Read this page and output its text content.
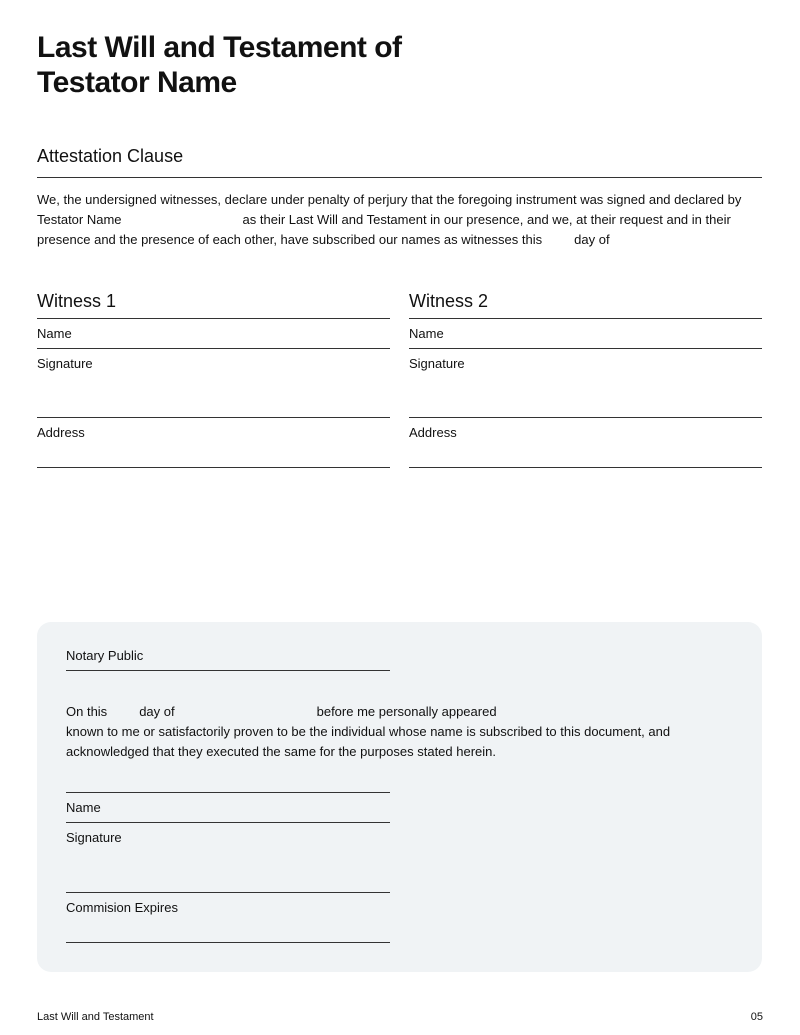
Last Will and Testament of
Testator Name
Attestation Clause
We, the undersigned witnesses, declare under penalty of perjury that the foregoing instrument was signed and declared by
Testator Name	as their Last Will and Testament in our presence, and we, at their request and in their
presence and the presence of each other, have subscribed our names as witnesses this day of
Witness 1
Name
Signature
Address
Witness 2
Name
Signature
Address
Notary Public
On this day of	before me personally appeared
known to me or satisfactorily proven to be the individual whose name is subscribed to this document, and
acknowledged that they executed the same for the purposes stated herein.
Name
Signature
Commision Expires
Last Will and Testament	05
